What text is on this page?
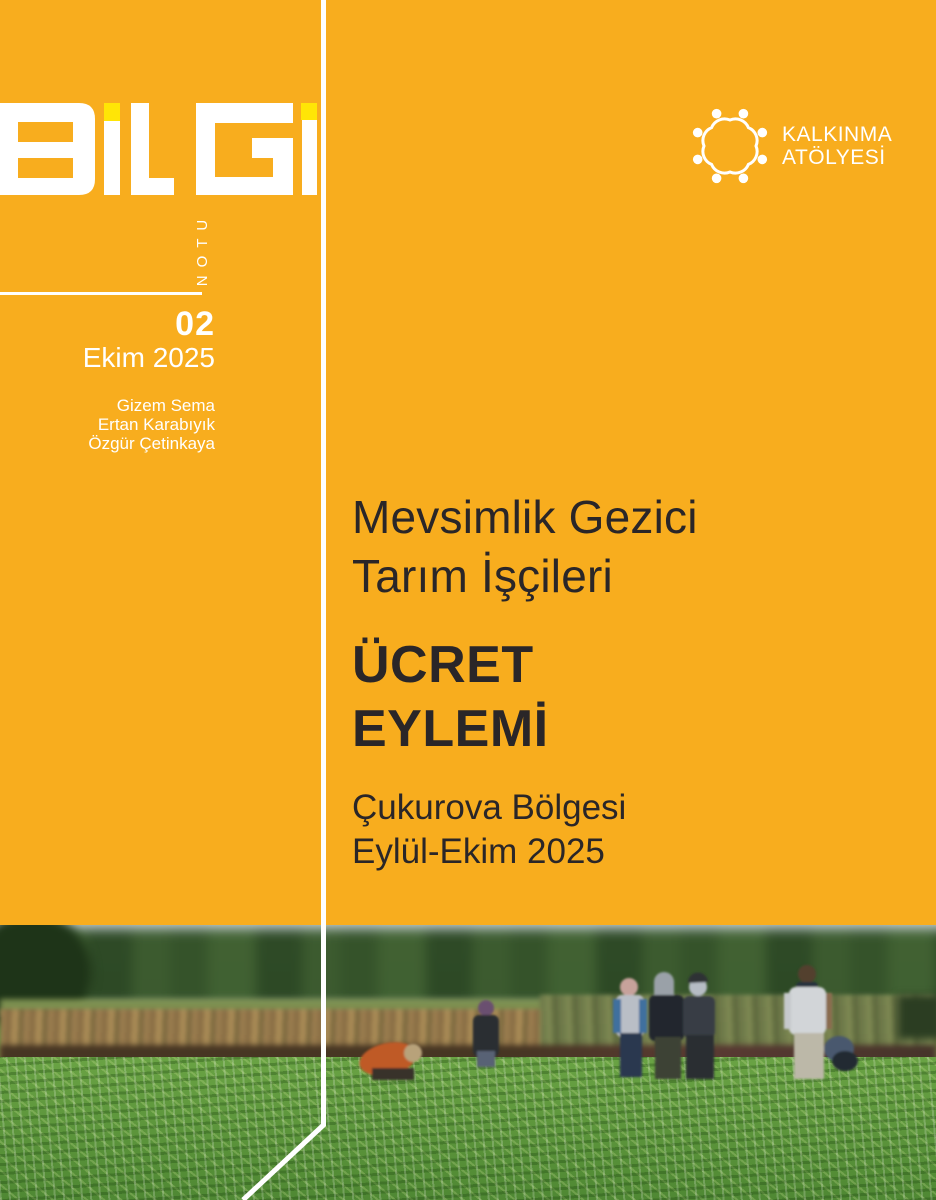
NOTU
02
Ekim 2025
Gizem Sema
Ertan Karabıyık
Özgür Çetinkaya
KALKINMA
ATÖLYESİ
Mevsimlik Gezici
Tarım İşçileri
ÜCRET
EYLEMİ
Çukurova Bölgesi
Eylül-Ekim 2025
